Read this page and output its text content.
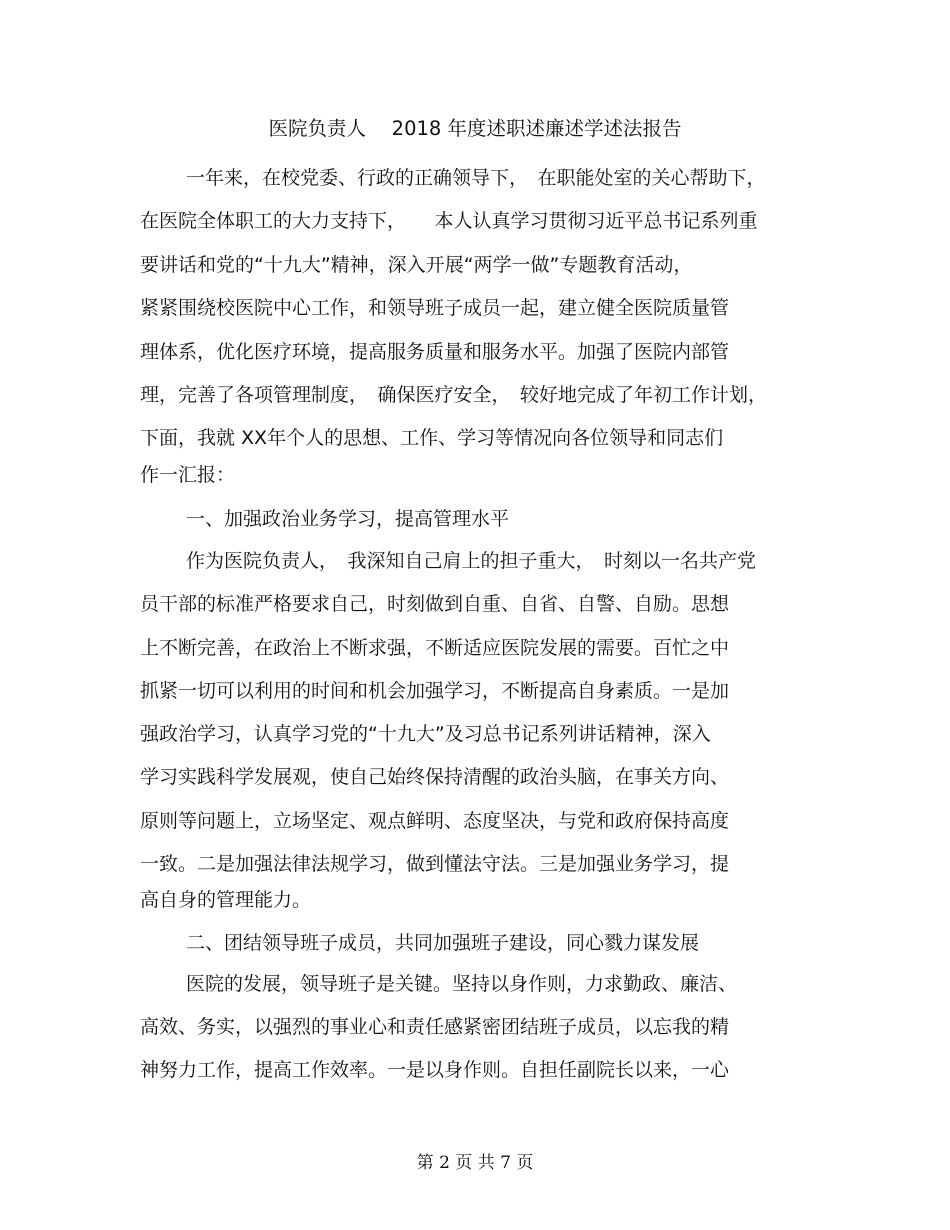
医院负责人　 2018 年度述职述廉述学述法报告
一年来，在校党委、行政的正确领导下，　在职能处室的关心帮助下，
在医院全体职工的大力支持下，　　本人认真学习贯彻习近平总书记系列重
要讲话和党的“十九大”精神，深入开展“两学一做”专题教育活动，
紧紧围绕校医院中心工作，和领导班子成员一起，建立健全医院质量管
理体系，优化医疗环境，提高服务质量和服务水平。加强了医院内部管
理，完善了各项管理制度，　确保医疗安全，　较好地完成了年初工作计划，
下面，我就 XX年个人的思想、工作、学习等情况向各位领导和同志们
作一汇报：
一、加强政治业务学习，提高管理水平
作为医院负责人，　我深知自己肩上的担子重大，　时刻以一名共产党
员干部的标准严格要求自己，时刻做到自重、自省、自警、自励。思想
上不断完善，在政治上不断求强，不断适应医院发展的需要。百忙之中
抓紧一切可以利用的时间和机会加强学习，不断提高自身素质。一是加
强政治学习，认真学习党的“十九大”及习总书记系列讲话精神，深入
学习实践科学发展观，使自己始终保持清醒的政治头脑，在事关方向、
原则等问题上，立场坚定、观点鲜明、态度坚决，与党和政府保持高度
一致。二是加强法律法规学习，做到懂法守法。三是加强业务学习，提
高自身的管理能力。
二、团结领导班子成员，共同加强班子建设，同心戮力谋发展
医院的发展，领导班子是关键。坚持以身作则，力求勤政、廉洁、
高效、务实，以强烈的事业心和责任感紧密团结班子成员，以忘我的精
神努力工作，提高工作效率。一是以身作则。自担任副院长以来，一心
第 2 页 共 7 页
